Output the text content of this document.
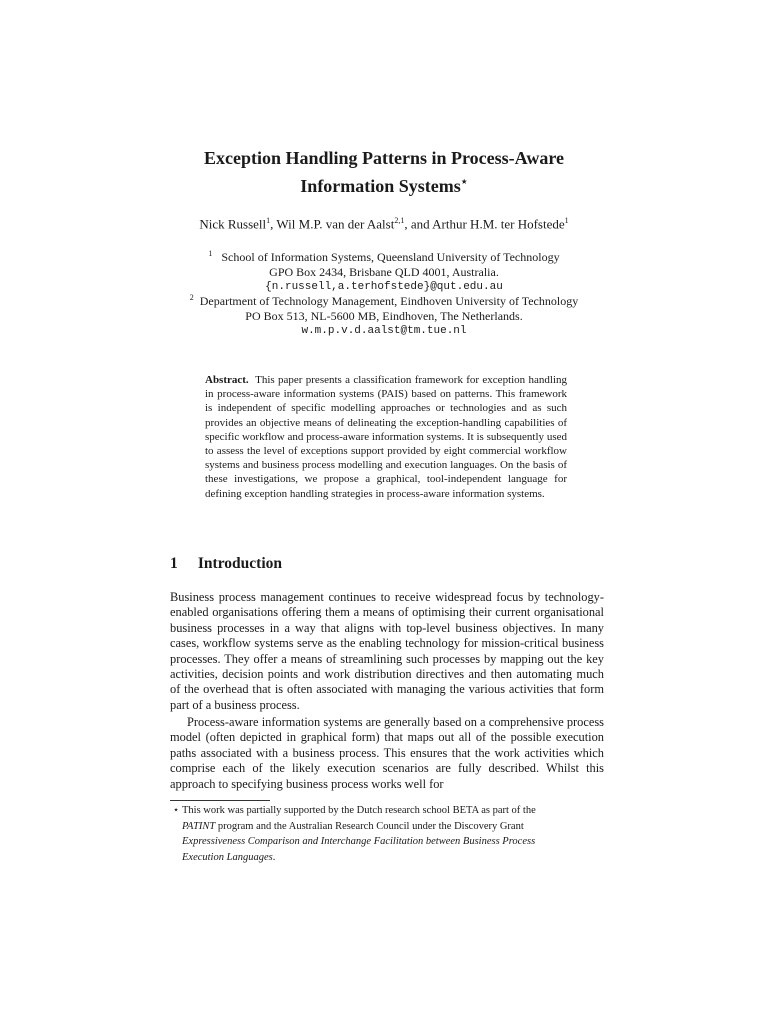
Exception Handling Patterns in Process-Aware
Information Systems⋆
Nick Russell$^1$, Wil M.P. van der Aalst$^{2,1}$, and Arthur H.M. ter Hofstede$^1$
$^1$ School of Information Systems, Queensland University of Technology
GPO Box 2434, Brisbane QLD 4001, Australia.
{n.russell,a.terhofstede}@qut.edu.au
$^2$ Department of Technology Management, Eindhoven University of Technology
PO Box 513, NL-5600 MB, Eindhoven, The Netherlands.
w.m.p.v.d.aalst@tm.tue.nl
Abstract. This paper presents a classification framework for exception handling in process-aware information systems (PAIS) based on patterns. This framework is independent of specific modelling approaches or technologies and as such provides an objective means of delineating the exception-handling capabilities of specific workflow and process-aware information systems. It is subsequently used to assess the level of exceptions support provided by eight commercial workflow systems and business process modelling and execution languages. On the basis of these investigations, we propose a graphical, tool-independent language for defining exception handling strategies in process-aware information systems.
1 Introduction
Business process management continues to receive widespread focus by technology-enabled organisations offering them a means of optimising their current organisational business processes in a way that aligns with top-level business objectives. In many cases, workflow systems serve as the enabling technology for mission-critical business processes. They offer a means of streamlining such processes by mapping out the key activities, decision points and work distribution directives and then automating much of the overhead that is often associated with managing the various activities that form part of a business process.
Process-aware information systems are generally based on a comprehensive process model (often depicted in graphical form) that maps out all of the possible execution paths associated with a business process. This ensures that the work activities which comprise each of the likely execution scenarios are fully described. Whilst this approach to specifying business process works well for
⋆ This work was partially supported by the Dutch research school BETA as part of the
PATINT program and the Australian Research Council under the Discovery Grant
Expressiveness Comparison and Interchange Facilitation between Business Process
Execution Languages.
